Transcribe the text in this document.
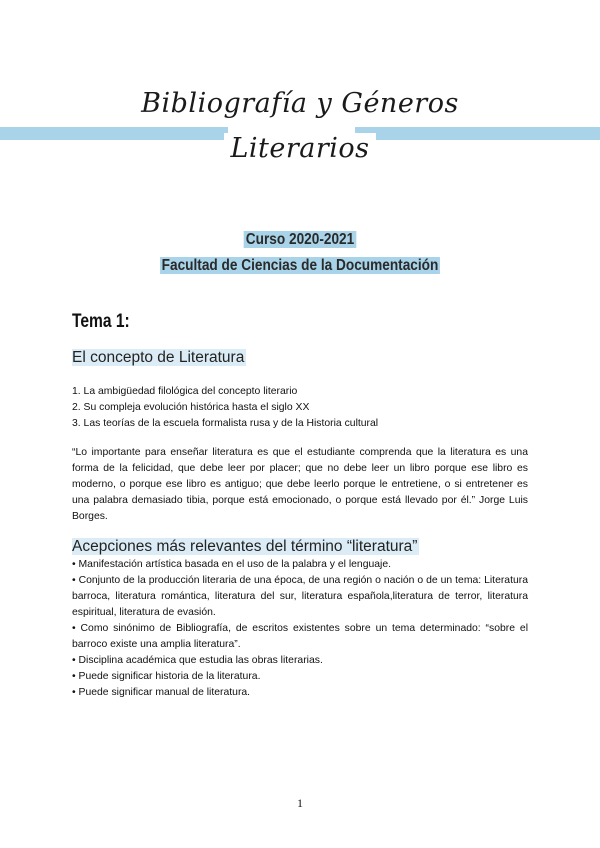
Bibliografía y Géneros
Literarios
Curso 2020-2021
Facultad de Ciencias de la Documentación
Tema 1:
El concepto de Literatura
1. La ambigüedad filológica del concepto literario
2. Su compleja evolución histórica hasta el siglo XX
3. Las teorías de la escuela formalista rusa y de la Historia cultural

“Lo importante para enseñar literatura es que el estudiante comprenda que la literatura es una forma de la felicidad, que debe leer por placer; que no debe leer un libro porque ese libro es moderno, o porque ese libro es antiguo; que debe leerlo porque le entretiene, o si entretener es una palabra demasiado tibia, porque está emocionado, o porque está llevado por él.” Jorge Luis Borges.

Acepciones más relevantes del término “literatura”
• Manifestación artística basada en el uso de la palabra y el lenguaje.
• Conjunto de la producción literaria de una época, de una región o nación o de un tema: Literatura barroca, literatura romántica, literatura del sur, literatura española,literatura de terror, literatura espiritual, literatura de evasión.
• Como sinónimo de Bibliografía, de escritos existentes sobre un tema determinado: “sobre el barroco existe una amplia literatura”.
• Disciplina académica que estudia las obras literarias.
• Puede significar historia de la literatura.
• Puede significar manual de literatura.
1
